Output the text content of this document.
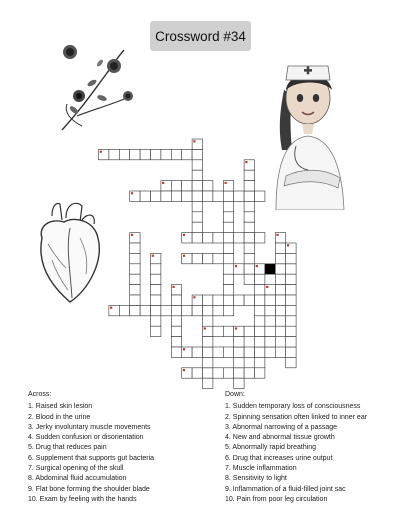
Crossword #34
Across:
1. Raised skin lesion
2. Blood in the urine
3. Jerky involuntary muscle movements
4. Sudden confusion or disorientation
5. Drug that reduces pain
6. Supplement that supports gut bacteria
7. Surgical opening of the skull
8. Abdominal fluid accumulation
9. Flat bone forming the shoulder blade
10. Exam by feeling with the hands
Down:
1. Sudden temporary loss of consciousness
2. Spinning sensation often linked to inner ear
3. Abnormal narrowing of a passage
4. New and abnormal tissue growth
5. Abnormally rapid breathing
6. Drug that increases urine output
7. Muscle inflammation
8. Sensitivity to light
9. Inflammation of a fluid-filled joint sac
10. Pain from poor leg circulation
